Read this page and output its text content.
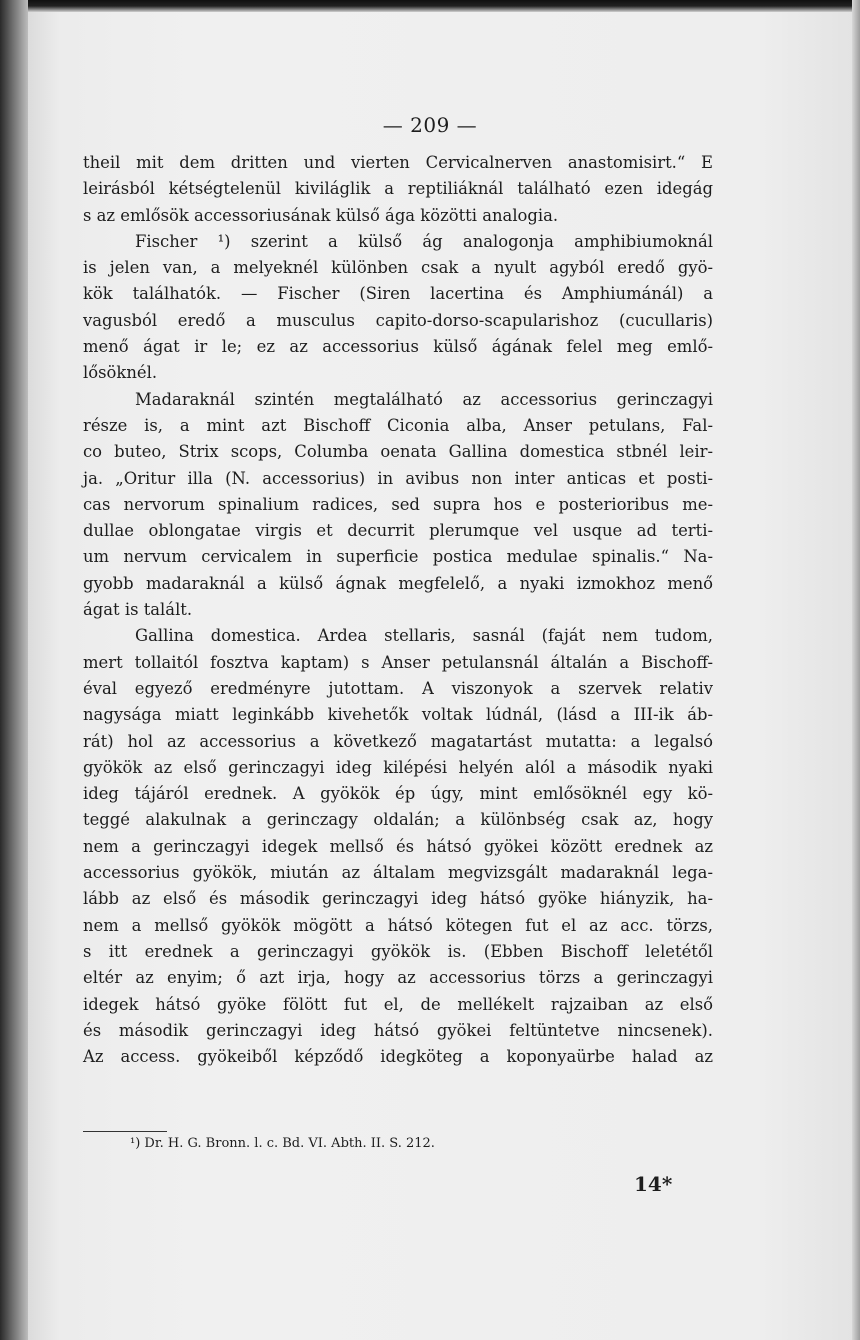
— 209 —
theil mit dem dritten und vierten Cervicalnerven anastomisirt.“ E
leirásból kétségtelenül kiviláglik a reptiliáknál található ezen idegág
s az emlősök accessoriusának külső ága közötti analogia.
Fischer ¹) szerint a külső ág analogonja amphibiumoknál
is jelen van, a melyeknél különben csak a nyult agyból eredő gyö-
kök találhatók. — Fischer (Siren lacertina és Amphiumánál) a
vagusból eredő a musculus capito-dorso-scapularishoz (cucullaris)
menő ágat ir le; ez az accessorius külső ágának felel meg emlő-
lősöknél.
Madaraknál szintén megtalálható az accessorius gerinczagyi
része is, a mint azt Bischoff Ciconia alba, Anser petulans, Fal-
co buteo, Strix scops, Columba oenata Gallina domestica stbnél leir-
ja. „Oritur illa (N. accessorius) in avibus non inter anticas et posti-
cas nervorum spinalium radices, sed supra hos e posterioribus me-
dullae oblongatae virgis et decurrit plerumque vel usque ad terti-
um nervum cervicalem in superficie postica medulae spinalis.“ Na-
gyobb madaraknál a külső ágnak megfelelő, a nyaki izmokhoz menő
ágat is talált.
Gallina domestica. Ardea stellaris, sasnál (faját nem tudom,
mert tollaitól fosztva kaptam) s Anser petulansnál általán a Bischoff-
éval egyező eredményre jutottam. A viszonyok a szervek relativ
nagysága miatt leginkább kivehetők voltak lúdnál, (lásd a III-ik áb-
rát) hol az accessorius a következő magatartást mutatta: a legalsó
gyökök az első gerinczagyi ideg kilépési helyén alól a második nyaki
ideg tájáról erednek. A gyökök ép úgy, mint emlősöknél egy kö-
teggé alakulnak a gerinczagy oldalán; a különbség csak az, hogy
nem a gerinczagyi idegek mellső és hátsó gyökei között erednek az
accessorius gyökök, miután az általam megvizsgált madaraknál lega-
lább az első és második gerinczagyi ideg hátsó gyöke hiányzik, ha-
nem a mellső gyökök mögött a hátsó kötegen fut el az acc. törzs,
s itt erednek a gerinczagyi gyökök is. (Ebben Bischoff leletétől
eltér az enyim; ő azt irja, hogy az accessorius törzs a gerinczagyi
idegek hátsó gyöke fölött fut el, de mellékelt rajzaiban az első
és második gerinczagyi ideg hátsó gyökei feltüntetve nincsenek).
Az access. gyökeiből képződő idegköteg a koponyaürbe halad az
¹) Dr. H. G. Bronn. l. c. Bd. VI. Abth. II. S. 212.
14*
